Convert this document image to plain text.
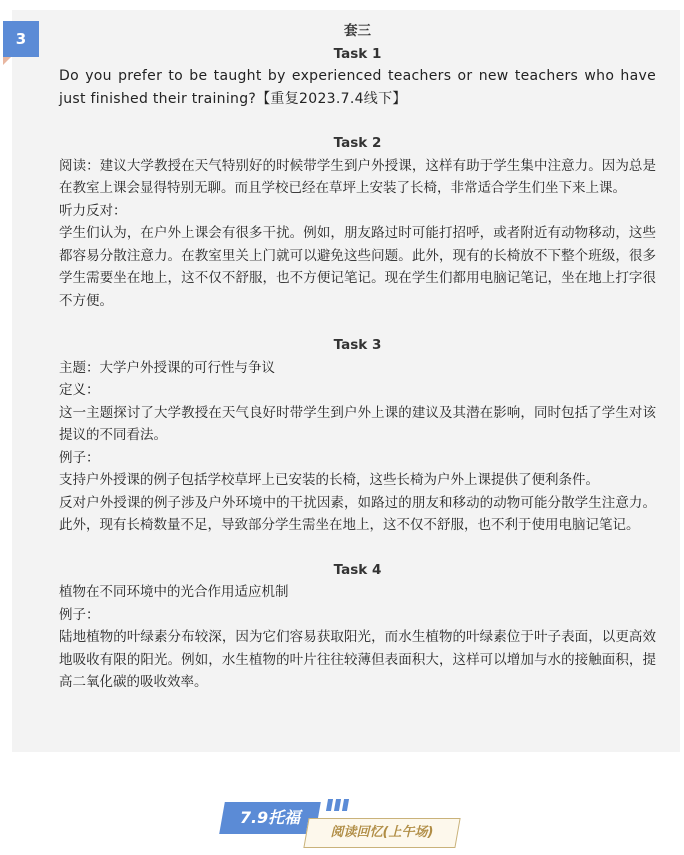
3	套三
Task 1

Do you prefer to be taught by experienced teachers or new teachers who have just finished their training?【重复2023.7.4线下】

Task 2

阅读：建议大学教授在天气特别好的时候带学生到户外授课，这样有助于学生集中注意力。因为总是在教室上课会显得特别无聊。而且学校已经在草坪上安装了长椅，非常适合学生们坐下来上课。

听力反对：

学生们认为，在户外上课会有很多干扰。例如，朋友路过时可能打招呼，或者附近有动物移动，这些都容易分散注意力。在教室里关上门就可以避免这些问题。此外，现有的长椅放不下整个班级，很多学生需要坐在地上，这不仅不舒服，也不方便记笔记。现在学生们都用电脑记笔记，坐在地上打字很不方便。

Task 3

主题：大学户外授课的可行性与争议

定义：

这一主题探讨了大学教授在天气良好时带学生到户外上课的建议及其潜在影响，同时包括了学生对该提议的不同看法。

例子：

支持户外授课的例子包括学校草坪上已安装的长椅，这些长椅为户外上课提供了便利条件。

反对户外授课的例子涉及户外环境中的干扰因素，如路过的朋友和移动的动物可能分散学生注意力。此外，现有长椅数量不足，导致部分学生需坐在地上，这不仅不舒服，也不利于使用电脑记笔记。

Task 4

植物在不同环境中的光合作用适应机制

例子：

陆地植物的叶绿素分布较深，因为它们容易获取阳光，而水生植物的叶绿素位于叶子表面，以更高效地吸收有限的阳光。例如，水生植物的叶片往往较薄但表面积大，这样可以增加与水的接触面积，提高二氧化碳的吸收效率。

7.9托福
阅读回忆(上午场)
